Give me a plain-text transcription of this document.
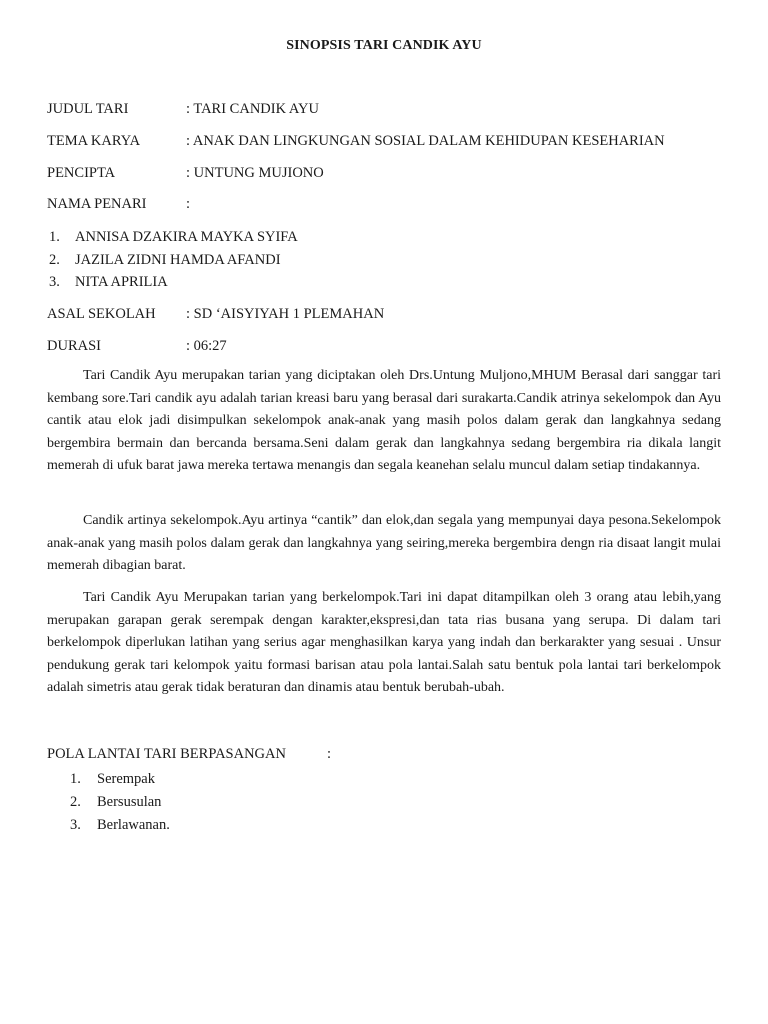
SINOPSIS TARI CANDIK AYU
JUDUL TARI	: TARI CANDIK AYU
TEMA KARYA	: ANAK DAN LINGKUNGAN SOSIAL DALAM KEHIDUPAN KESEHARIAN
PENCIPTA	: UNTUNG MUJIONO
NAMA PENARI	:
1. ANNISA DZAKIRA MAYKA SYIFA
2. JAZILA ZIDNI HAMDA AFANDI
3. NITA APRILIA
ASAL SEKOLAH : SD ‘AISYIYAH 1 PLEMAHAN
DURASI	: 06:27

Tari Candik Ayu merupakan tarian yang diciptakan oleh Drs.Untung Muljono,MHUM Berasal dari sanggar tari kembang sore.Tari candik ayu adalah tarian kreasi baru yang berasal dari surakarta.Candik atrinya sekelompok dan Ayu cantik atau elok jadi disimpulkan sekelompok anak-anak yang masih polos dalam gerak dan langkahnya sedang bergembira bermain dan bercanda bersama.Seni dalam gerak dan langkahnya sedang bergembira ria dikala langit memerah di ufuk barat jawa mereka tertawa menangis dan segala keanehan selalu muncul dalam setiap tindakannya.

Candik artinya sekelompok.Ayu artinya “cantik” dan elok,dan segala yang mempunyai daya pesona.Sekelompok anak-anak yang masih polos dalam gerak dan langkahnya yang seiring,mereka bergembira dengn ria disaat langit mulai memerah dibagian barat.

Tari Candik Ayu Merupakan tarian yang berkelompok.Tari ini dapat ditampilkan oleh 3 orang atau lebih,yang merupakan garapan gerak serempak dengan karakter,ekspresi,dan tata rias busana yang serupa. Di dalam tari berkelompok diperlukan latihan yang serius agar menghasilkan karya yang indah dan berkarakter yang sesuai . Unsur pendukung gerak tari kelompok yaitu formasi barisan atau pola lantai.Salah satu bentuk pola lantai tari berkelompok adalah simetris atau gerak tidak beraturan dan dinamis atau bentuk berubah-ubah.

POLA LANTAI TARI BERPASANGAN	:
1. Serempak
2. Bersusulan
3. Berlawanan.
